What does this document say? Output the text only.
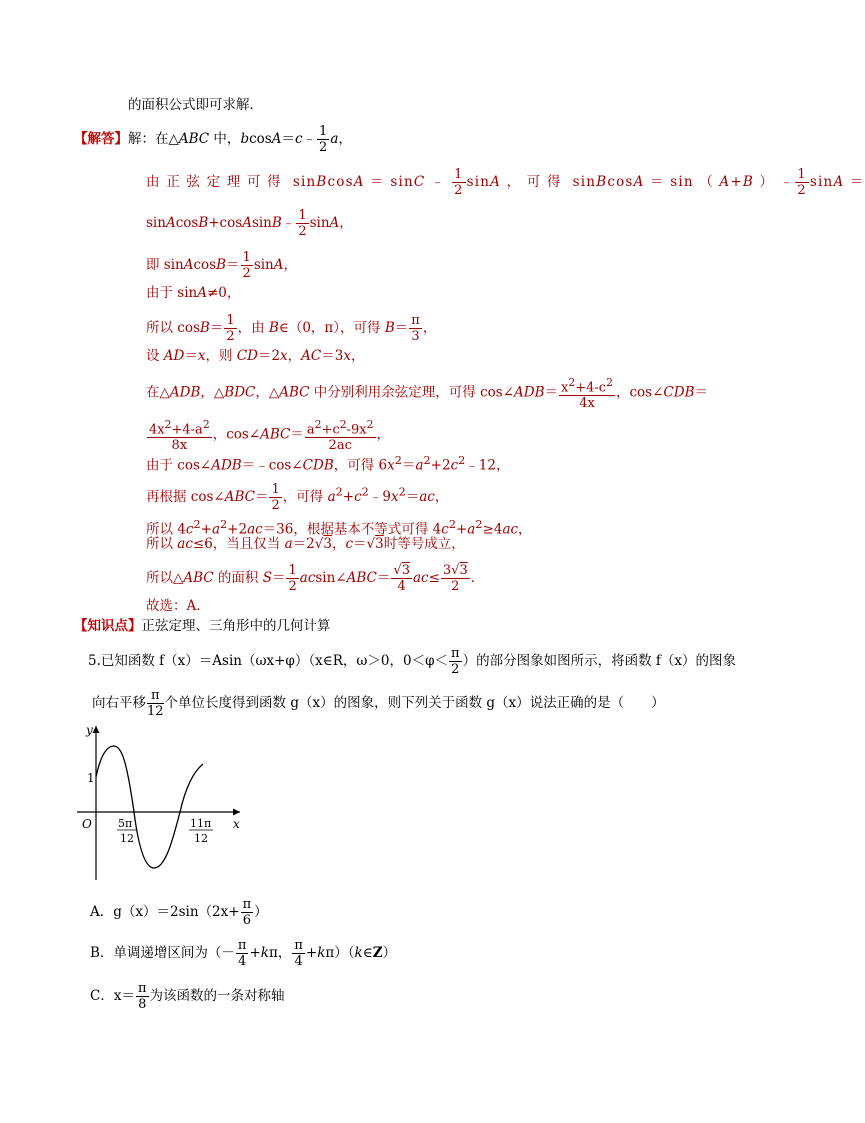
的面积公式即可求解．
【解答】解：在△ABC 中，bcosA＝c﹣ $\frac{1}{2}$ a，
由 正 弦 定 理 可 得  sinBcosA ＝ sinC ﹣ $\frac{1}{2}$ sinA ， 可 得  sinBcosA ＝ sin （ A+B ） ﹣ $\frac{1}{2}$ sinA ＝
sinAcosB+cosAsinB﹣ $\frac{1}{2}$ sinA，
即 sinAcosB＝ $\frac{1}{2}$ sinA，
由于 sinA≠0，
所以 $\cos B= \frac{1}{2}$ ，由 B∈（0，π），可得 $B= \frac{\pi}{3}$ ，
设 AD＝x，则 CD＝2x，AC＝3x，
在△ADB，△BDC，△ABC 中分别利用余弦定理，可得 cos∠ADB＝ $\frac{x^2+4-c^2}{4x}$ ，cos∠CDB＝
$\frac{4x^2+4-a^2}{8x}$ ，cos∠ABC＝ $\frac{a^2+c^2-9x^2}{2ac}$ ，
由于 cos∠ADB＝﹣cos∠CDB，可得 $6x^2=a^2+2c^2﹣12$，
再根据 cos∠ABC＝ $\frac{1}{2}$ ，可得 $a^2+c^2﹣9x^2=ac$，
所以 $4c^2+a^2+2ac=36$，根据基本不等式可得 $4c^2+a^2\ge 4ac$，
所以 ac≤6，当且仅当 a＝2√3，c＝√3时等号成立，
所以△ABC 的面积 $S= \frac{1}{2}$ acsin∠ABC＝ $\frac{√3}{4} ac\le \frac{3√3}{2}$ ．
故选：A．
【知识点】正弦定理、三角形中的几何计算
5.已知函数 f（x）＝Asin（ωx+φ）（x∈R，ω＞0，$0<\varphi< \frac{\pi}{2}$ ）的部分图象如图所示，将函数 f（x）的图象
向右平移 $\frac{\pi}{12}$ 个单位长度得到函数 g（x）的图象，则下列关于函数 g（x）说法正确的是（　　）
y
x
O
1
5π
12
11π
12
A．$g(x)=2\sin(2x+ \frac{\pi}{6}$ ）
B．单调递增区间为（－ $\frac{\pi}{4} +k\pi$， $\frac{\pi}{4}$ +kπ）（k∈Z）
C．$x= \frac{\pi}{8}$ 为该函数的一条对称轴
